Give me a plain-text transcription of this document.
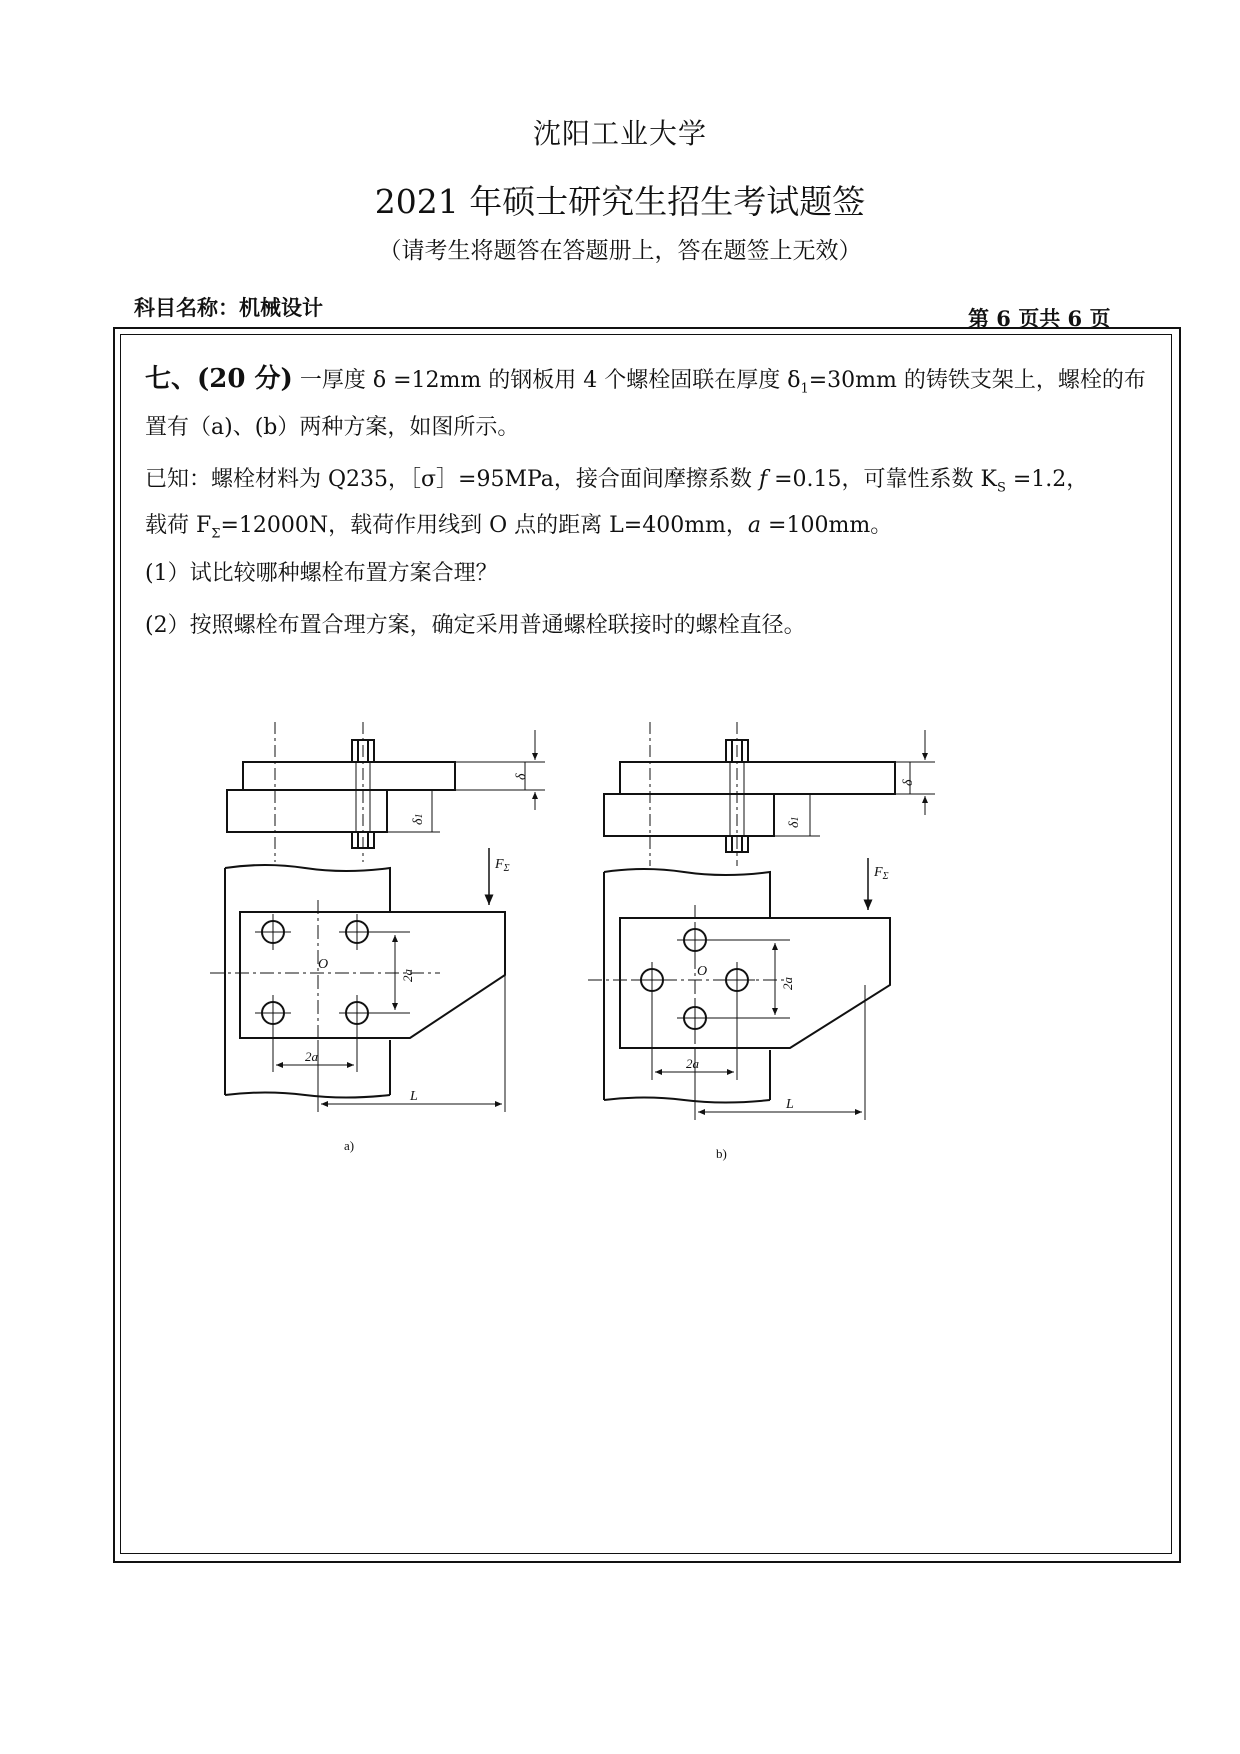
沈阳工业大学
2021 年硕士研究生招生考试题签
（请考生将题答在答题册上，答在题签上无效）
科目名称：机械设计	第 6 页共 6 页
七、(20 分) 一厚度 δ =12mm 的钢板用 4 个螺栓固联在厚度 $\delta_1=30mm$ 的铸铁支架上，螺栓的布
置有（a)、(b）两种方案，如图所示。
已知：螺栓材料为 Q235，［σ］=95MPa，接合面间摩擦系数 f =0.15，可靠性系数 $K_S =1.2$，
载荷 $F_\Sigma=12000N$，载荷作用线到 O 点的距离 L=400mm，a =100mm。
(1）试比较哪种螺栓布置方案合理？
(2）按照螺栓布置合理方案，确定采用普通螺栓联接时的螺栓直径。
δ
δ1
$F_\Sigma$
O
2a
2a
L
a)
δ
δ1
$F_\Sigma$
O
2a
2a
L
b)
